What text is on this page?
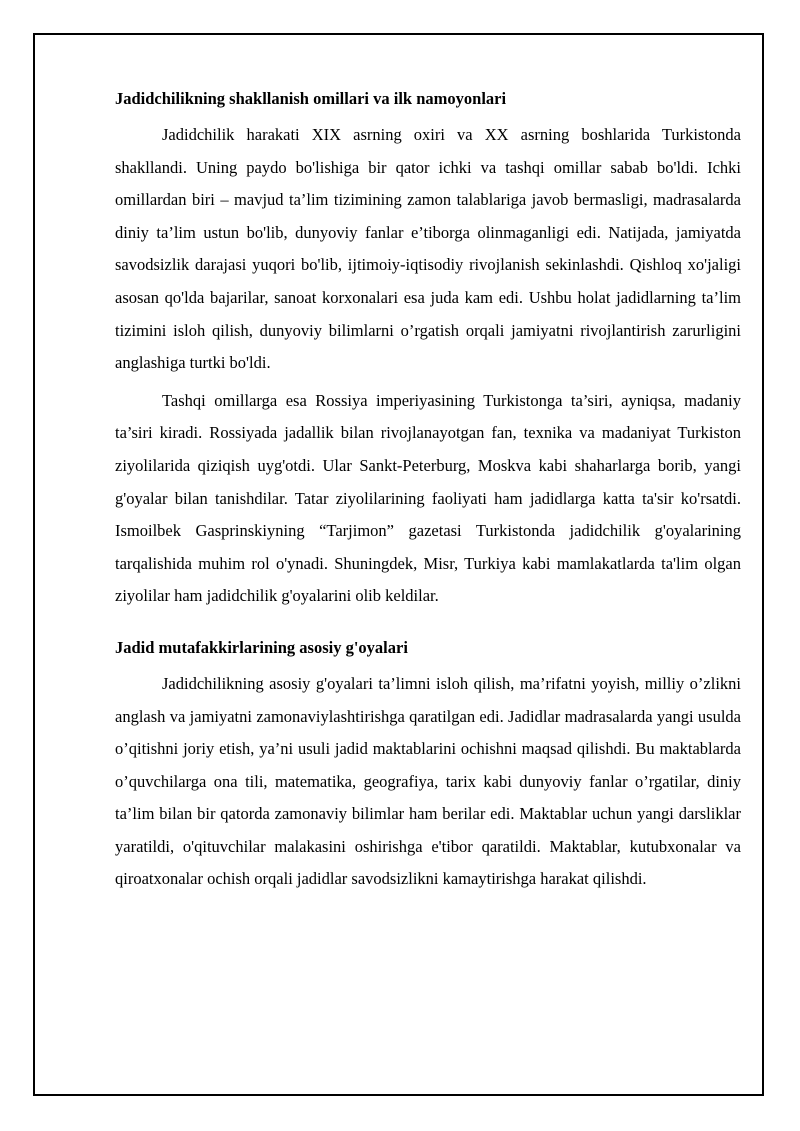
Jadidchilikning shakllanish omillari va ilk namoyonlari

Jadidchilik harakati XIX asrning oxiri va XX asrning boshlarida Turkistonda shakllandi. Uning paydo bo'lishiga bir qator ichki va tashqi omillar sabab bo'ldi. Ichki omillardan biri – mavjud ta’lim tizimining zamon talablariga javob bermasligi, madrasalarda diniy ta’lim ustun bo'lib, dunyoviy fanlar e’tiborga olinmaganligi edi. Natijada, jamiyatda savodsizlik darajasi yuqori bo'lib, ijtimoiy-iqtisodiy rivojlanish sekinlashdi. Qishloq xo'jaligi asosan qo'lda bajarilar, sanoat korxonalari esa juda kam edi. Ushbu holat jadidlarning ta’lim tizimini isloh qilish, dunyoviy bilimlarni o’rgatish orqali jamiyatni rivojlantirish zarurligini anglashiga turtki bo'ldi.

Tashqi omillarga esa Rossiya imperiyasining Turkistonga ta’siri, ayniqsa, madaniy ta’siri kiradi. Rossiyada jadallik bilan rivojlanayotgan fan, texnika va madaniyat Turkiston ziyolilarida qiziqish uyg'otdi. Ular Sankt-Peterburg, Moskva kabi shaharlarga borib, yangi g'oyalar bilan tanishdilar. Tatar ziyolilarining faoliyati ham jadidlarga katta ta'sir ko'rsatdi. Ismoilbek Gasprinskiyning “Tarjimon” gazetasi Turkistonda jadidchilik g'oyalarining tarqalishida muhim rol o'ynadi. Shuningdek, Misr, Turkiya kabi mamlakatlarda ta'lim olgan ziyolilar ham jadidchilik g'oyalarini olib keldilar.

Jadid mutafakkirlarining asosiy g'oyalari

Jadidchilikning asosiy g'oyalari ta’limni isloh qilish, ma’rifatni yoyish, milliy o’zlikni anglash va jamiyatni zamonaviylashtirishga qaratilgan edi. Jadidlar madrasalarda yangi usulda o’qitishni joriy etish, ya’ni usuli jadid maktablarini ochishni maqsad qilishdi. Bu maktablarda o’quvchilarga ona tili, matematika, geografiya, tarix kabi dunyoviy fanlar o’rgatilar, diniy ta’lim bilan bir qatorda zamonaviy bilimlar ham berilar edi. Maktablar uchun yangi darsliklar yaratildi, o'qituvchilar malakasini oshirishga e'tibor qaratildi. Maktablar, kutubxonalar va qiroatxonalar ochish orqali jadidlar savodsizlikni kamaytirishga harakat qilishdi.
